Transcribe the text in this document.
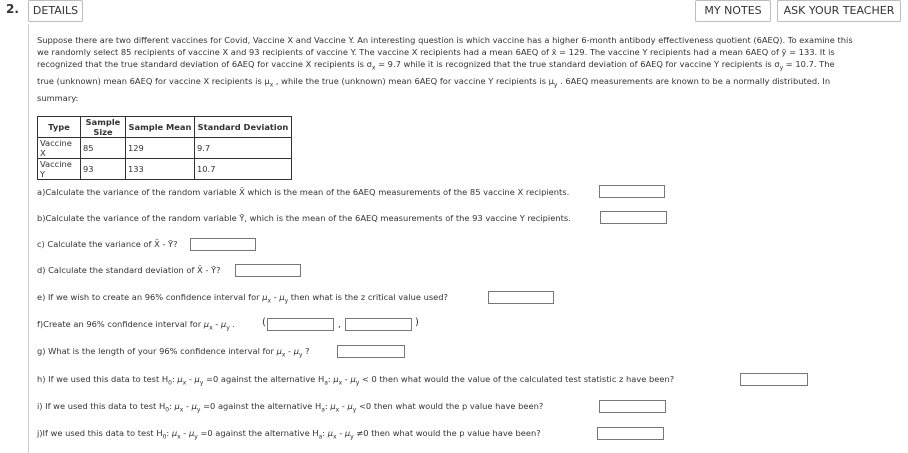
2.	DETAILS	MY NOTES	ASK YOUR TEACHER
Suppose there are two different vaccines for Covid, Vaccine X and Vaccine Y. An interesting question is which vaccine has a higher 6-month antibody effectiveness quotient (6AEQ). To examine this
we randomly select 85 recipients of vaccine X and 93 recipients of vaccine Y. The vaccine X recipients had a mean 6AEQ of x̄ = 129. The vaccine Y recipients had a mean 6AEQ of ȳ = 133. It is
recognized that the true standard deviation of 6AEQ for vaccine X recipients is $\sigma_x = 9.7$ while it is recognized that the true standard deviation of 6AEQ for vaccine Y recipients is $\sigma_y = 10.7$. The
true (unknown) mean 6AEQ for vaccine X recipients is $\mu_x$ , while the true (unknown) mean 6AEQ for vaccine Y recipients is $\mu_y$ . 6AEQ measurements are known to be a normally distributed. In
summary:
Type	Sample Size	Sample Mean	Standard Deviation
Vaccine X	85	129	9.7
Vaccine Y	93	133	10.7
a)Calculate the variance of the random variable X̄ which is the mean of the 6AEQ measurements of the 85 vaccine X recipients.
b)Calculate the variance of the random variable Ȳ, which is the mean of the 6AEQ measurements of the 93 vaccine Y recipients.
c) Calculate the variance of X̄ - Ȳ?
d) Calculate the standard deviation of X̄ - Ȳ?
e) If we wish to create an 96% confidence interval for $\mu_x - \mu_y$ then what is the z critical value used?
f)Create an 96% confidence interval for $\mu_x - \mu_y$ .	(	,	)
g) What is the length of your 96% confidence interval for $\mu_x - \mu_y$ ?
h) If we used this data to test $H_0$: $\mu_x - \mu_y =0$ against the alternative $H_a$: $\mu_x - \mu_y < 0$ then what would the value of the calculated test statistic z have been?
i) If we used this data to test $H_0$: $\mu_x - \mu_y =0$ against the alternative $H_a$: $\mu_x - \mu_y <0$ then what would the p value have been?
j)If we used this data to test $H_0$: $\mu_x - \mu_y =0$ against the alternative $H_a$: $\mu_x - \mu_y \ne 0$ then what would the p value have been?
